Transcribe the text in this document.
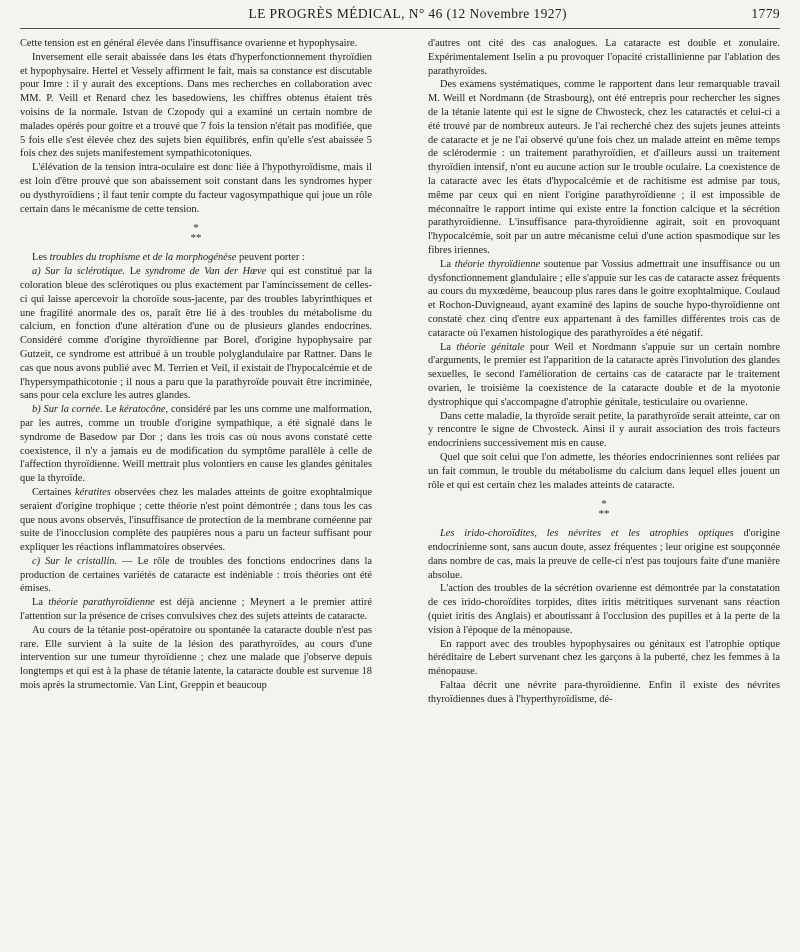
LE PROGRÈS MÉDICAL, N° 46 (12 Novembre 1927)	1779

Cette tension est en général élevée dans l'insuffisance ovarienne et hypophysaire.

Inversement elle serait abaissée dans les états d'hyperfonctionnement thyroïdien et hypophysaire. Hertel et Vessely affirment le fait, mais sa constance est discutable pour Imre : il y aurait des exceptions. Dans mes recherches en collaboration avec MM. P. Veill et Renard chez les basedowiens, les chiffres obtenus étaient très voisins de la normale. Istvan de Czopody qui a examiné un certain nombre de malades opérés pour goitre et a trouvé que 7 fois la tension n'était pas modifiée, que 5 fois elle s'est élevée chez des sujets bien équilibrés, enfin qu'elle s'est abaissée 5 fois chez des sujets manifestement sympathicotoniques.

L'élévation de la tension intra-oculaire est donc liée à l'hypothyroïdisme, mais il est loin d'être prouvé que son abaissement soit constant dans les syndromes hyper ou dysthyroïdiens ; il faut tenir compte du facteur vagosympathique qui joue un rôle certain dans le mécanisme de cette tension.

*
**

Les troubles du trophisme et de la morphogénèse peuvent porter :

a) Sur la sclérotique. Le syndrome de Van der Hœve qui est constitué par la coloration bleue des sclérotiques ou plus exactement par l'amincissement de celles-ci qui laisse apercevoir la choroïde sous-jacente, par des troubles labyrinthiques et une fragilité anormale des os, paraît être lié à des troubles du métabolisme du calcium, en fonction d'une altération d'une ou de plusieurs glandes endocrines. Considéré comme d'origine thyroïdienne par Borel, d'origine hypophysaire par Gutzeit, ce syndrome est attribué à un trouble polyglandulaire par Rattner. Dans le cas que nous avons publié avec M. Terrien et Veil, il existait de l'hypocalcémie et de l'hypersympathicotonie ; il nous a paru que la parathyroïde pouvait être incriminée, sans pour cela exclure les autres glandes.

b) Sur la cornée. Le kératocône, considéré par les uns comme une malformation, par les autres, comme un trouble d'origine sympathique, a été signalé dans le syndrome de Basedow par Dor ; dans les trois cas où nous avons constaté cette coexistence, il n'y a jamais eu de modification du symptôme parallèle à celle de l'affection thyroïdienne. Weill mettrait plus volontiers en cause les glandes génitales que la thyroïde.

Certaines kératites observées chez les malades atteints de goitre exophtalmique seraient d'origine trophique ; cette théorie n'est point démontrée ; dans tous les cas que nous avons observés, l'insuffisance de protection de la membrane cornéenne par suite de l'inocclusion complète des paupières nous a paru un facteur suffisant pour expliquer les réactions inflammatoires observées.

c) Sur le cristallin. — Le rôle de troubles des fonctions endocrines dans la production de certaines variétés de cataracte est indéniable : trois théories ont été émises.

La théorie parathyroïdienne est déjà ancienne ; Meynert a le premier attiré l'attention sur la présence de crises convulsives chez des sujets atteints de cataracte.

Au cours de la tétanie post-opératoire ou spontanée la cataracte double n'est pas rare. Elle survient à la suite de la lésion des parathyroïdes, au cours d'une intervention sur une tumeur thyroïdienne ; chez une malade que j'observe depuis longtemps et qui est à la phase de tétanie latente, la cataracte double est survenue 18 mois après la strumectomie. Van Lint, Greppin et beaucoup

d'autres ont cité des cas analogues. La cataracte est double et zonulaire. Expérimentalement Iselin a pu provoquer l'opacité cristallinienne par l'ablation des parathyroïdes.

Des examens systématiques, comme le rapportent dans leur remarquable travail M. Weill et Nordmann (de Strasbourg), ont été entrepris pour rechercher les signes de la tétanie latente qui est le signe de Chwosteck, chez les cataractés et celui-ci a été trouvé par de nombreux auteurs. Je l'ai recherché chez des sujets jeunes atteints de cataracte et je ne l'ai observé qu'une fois chez un malade atteint en même temps de sclérodermie : un traitement parathyroïdien, et d'ailleurs aussi un traitement thyroïdien intensif, n'ont eu aucune action sur le trouble oculaire. La coexistence de la cataracte avec les états d'hypocalcémie et de rachitisme est admise par tous, même par ceux qui en nient l'origine parathyroïdienne ; il est impossible de méconnaître le rapport intime qui existe entre la fonction calcique et la sécrétion parathyroïdienne. L'insuffisance para-thyroïdienne agirait, soit en provoquant l'hypocalcémie, soit par un autre mécanisme celui d'une action spasmodique sur les fibres iriennes.

La théorie thyroïdienne soutenue par Vossius admettrait une insuffisance ou un dysfonctionnement glandulaire ; elle s'appuie sur les cas de cataracte assez fréquents au cours du myxœdème, beaucoup plus rares dans le goitre exophtalmique. Coulaud et Rochon-Duvigneaud, ayant examiné des lapins de souche hypo-thyroïdienne ont constaté chez cinq d'entre eux appartenant à des familles différentes trois cas de cataracte où l'examen histologique des parathyroïdes a été négatif.

La théorie génitale pour Weil et Nordmann s'appuie sur un certain nombre d'arguments, le premier est l'apparition de la cataracte après l'involution des glandes sexuelles, le second l'amélioration de certains cas de cataracte par le traitement ovarien, le troisième la coexistence de la cataracte double et de la myotonie dystrophique qui s'accompagne d'atrophie génitale, testiculaire ou ovarienne.

Dans cette maladie, la thyroïde serait petite, la parathyroïde serait atteinte, car on y rencontre le signe de Chvosteck. Ainsi il y aurait association des trois facteurs endocriniens successivement mis en cause.

Quel que soit celui que l'on admette, les théories endocriniennes sont reliées par un fait commun, le trouble du métabolisme du calcium dans lequel elles jouent un rôle et qui est certain chez les malades atteints de cataracte.

*
**

Les irido-choroïdites, les névrites et les atrophies optiques d'origine endocrinienne sont, sans aucun doute, assez fréquentes ; leur origine est soupçonnée dans nombre de cas, mais la preuve de celle-ci n'est pas toujours faite d'une manière absolue.

L'action des troubles de la sécrétion ovarienne est démontrée par la constatation de ces irido-choroïdites torpides, dites iritis métritiques survenant sans réaction (quiet iritis des Anglais) et aboutissant à l'occlusion des pupilles et à la perte de la vision à l'époque de la ménopause.

En rapport avec des troubles hypophysaires ou génitaux est l'atrophie optique héréditaire de Lebert survenant chez les garçons à la puberté, chez les femmes à la ménopause.

Faltaa décrit une névrite para-thyroïdienne. Enfin il existe des névrites thyroïdiennes dues à l'hyperthyroïdisme, dé-
